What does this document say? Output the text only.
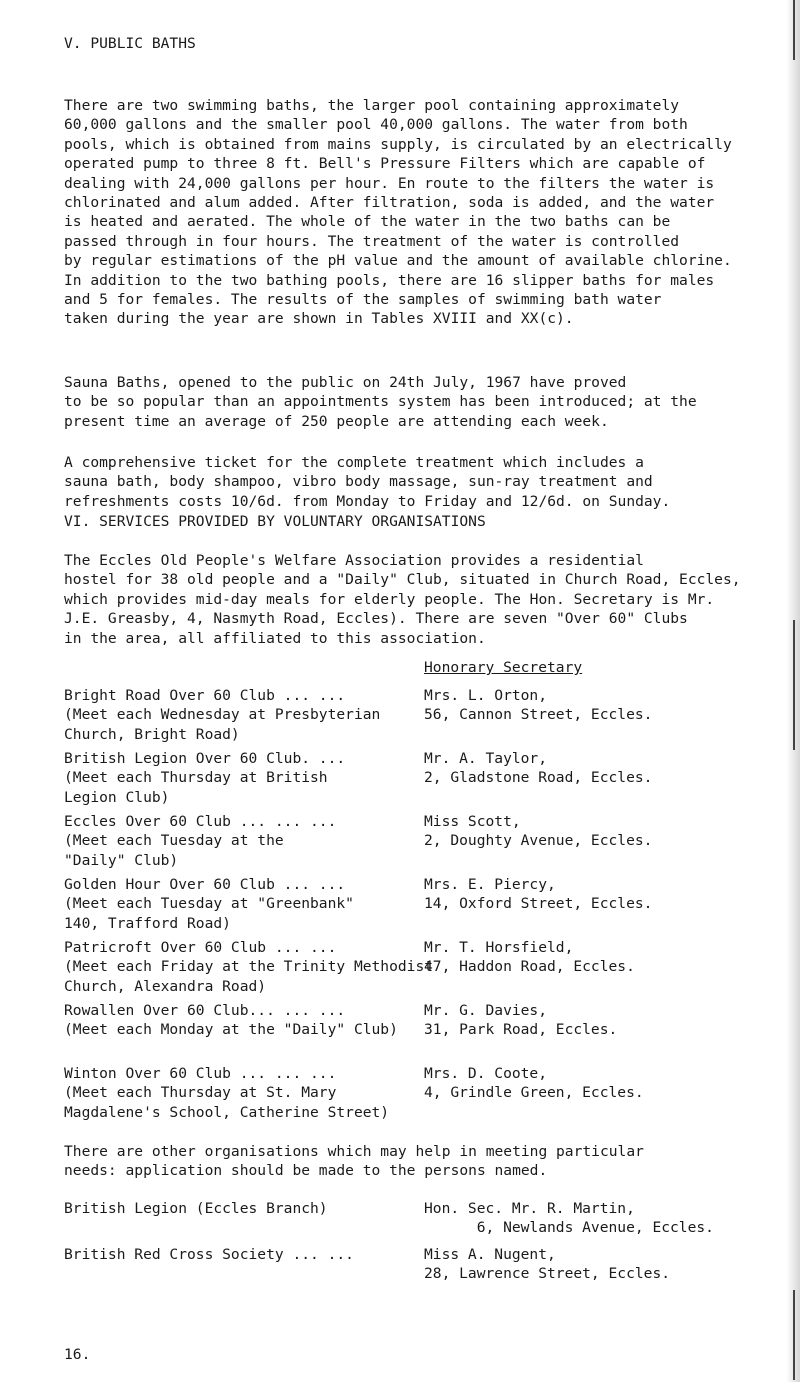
V. PUBLIC BATHS
There are two swimming baths, the larger pool containing approximately
60,000 gallons and the smaller pool 40,000 gallons. The water from both
pools, which is obtained from mains supply, is circulated by an electrically
operated pump to three 8 ft. Bell's Pressure Filters which are capable of
dealing with 24,000 gallons per hour. En route to the filters the water is
chlorinated and alum added. After filtration, soda is added, and the water
is heated and aerated. The whole of the water in the two baths can be
passed through in four hours. The treatment of the water is controlled
by regular estimations of the pH value and the amount of available chlorine.
In addition to the two bathing pools, there are 16 slipper baths for males
and 5 for females. The results of the samples of swimming bath water
taken during the year are shown in Tables XVIII and XX(c).
Sauna Baths, opened to the public on 24th July, 1967 have proved
to be so popular than an appointments system has been introduced; at the
present time an average of 250 people are attending each week.
A comprehensive ticket for the complete treatment which includes a
sauna bath, body shampoo, vibro body massage, sun-ray treatment and
refreshments costs 10/6d. from Monday to Friday and 12/6d. on Sunday.
VI. SERVICES PROVIDED BY VOLUNTARY ORGANISATIONS
The Eccles Old People's Welfare Association provides a residential
hostel for 38 old people and a "Daily" Club, situated in Church Road, Eccles,
which provides mid-day meals for elderly people. The Hon. Secretary is Mr.
J.E. Greasby, 4, Nasmyth Road, Eccles). There are seven "Over 60" Clubs
in the area, all affiliated to this association.
Honorary Secretary
Bright Road Over 60 Club ... ...
(Meet each Wednesday at Presbyterian
Church, Bright Road)
Mrs. L. Orton,
56, Cannon Street, Eccles.
British Legion Over 60 Club. ...
(Meet each Thursday at British
Legion Club)
Mr. A. Taylor,
2, Gladstone Road, Eccles.
Eccles Over 60 Club ... ... ...
(Meet each Tuesday at the
"Daily" Club)
Miss Scott,
2, Doughty Avenue, Eccles.
Golden Hour Over 60 Club ... ...
(Meet each Tuesday at "Greenbank"
140, Trafford Road)
Mrs. E. Piercy,
14, Oxford Street, Eccles.
Patricroft Over 60 Club ... ...
(Meet each Friday at the Trinity Methodist
Church, Alexandra Road)
Mr. T. Horsfield,
47, Haddon Road, Eccles.
Rowallen Over 60 Club... ... ...
(Meet each Monday at the "Daily" Club)
Mr. G. Davies,
31, Park Road, Eccles.
Winton Over 60 Club ... ... ...
(Meet each Thursday at St. Mary
Magdalene's School, Catherine Street)
Mrs. D. Coote,
4, Grindle Green, Eccles.
There are other organisations which may help in meeting particular
needs: application should be made to the persons named.
British Legion (Eccles Branch)	Hon. Sec. Mr. R. Martin,
6, Newlands Avenue, Eccles.
British Red Cross Society ... ...	Miss A. Nugent,
28, Lawrence Street, Eccles.
16.
